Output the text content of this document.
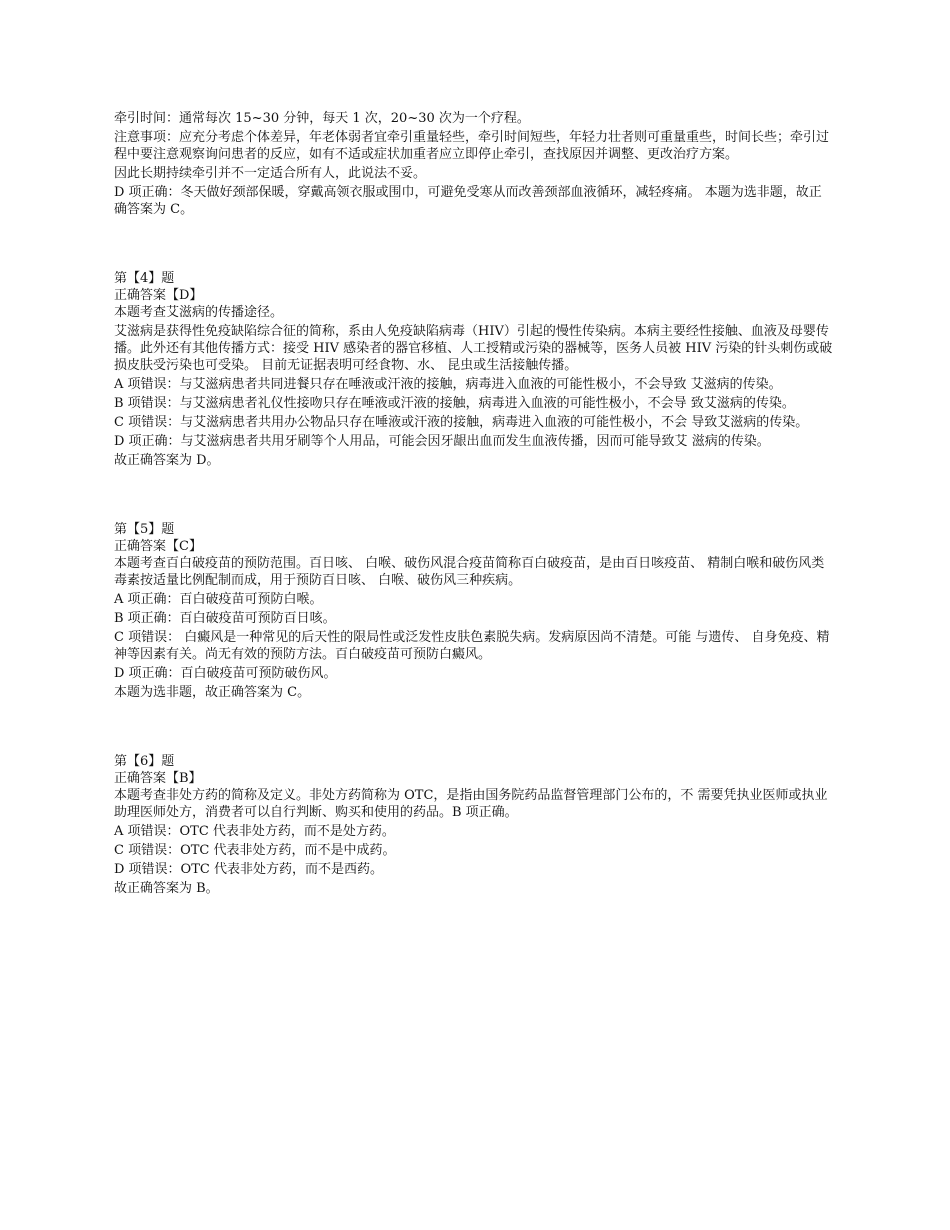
牵引时间：通常每次 15~30 分钟，每天 1 次，20~30 次为一个疗程。

注意事项：应充分考虑个体差异，年老体弱者宜牵引重量轻些，牵引时间短些，年轻力壮者则可重量重些，时间长些；牵引过程中要注意观察询问患者的反应，如有不适或症状加重者应立即停止牵引，查找原因并调整、更改治疗方案。

因此长期持续牵引并不一定适合所有人，此说法不妥。

D 项正确：冬天做好颈部保暖，穿戴高领衣服或围巾，可避免受寒从而改善颈部血液循环，减轻疼痛。 本题为选非题，故正确答案为 C。

第【4】题

正确答案【D】

本题考查艾滋病的传播途径。

艾滋病是获得性免疫缺陷综合征的简称，系由人免疫缺陷病毒（HIV）引起的慢性传染病。本病主要经性接触、血液及母婴传播。此外还有其他传播方式：接受 HIV 感染者的器官移植、人工授精或污染的器械等，医务人员被 HIV 污染的针头刺伤或破损皮肤受污染也可受染。 目前无证据表明可经食物、水、 昆虫或生活接触传播。

A 项错误：与艾滋病患者共同进餐只存在唾液或汗液的接触，病毒进入血液的可能性极小，不会导致 艾滋病的传染。

B 项错误：与艾滋病患者礼仪性接吻只存在唾液或汗液的接触，病毒进入血液的可能性极小，不会导 致艾滋病的传染。

C 项错误：与艾滋病患者共用办公物品只存在唾液或汗液的接触，病毒进入血液的可能性极小，不会 导致艾滋病的传染。

D 项正确：与艾滋病患者共用牙刷等个人用品，可能会因牙龈出血而发生血液传播，因而可能导致艾 滋病的传染。

故正确答案为 D。

第【5】题

正确答案【C】

本题考查百白破疫苗的预防范围。百日咳、 白喉、破伤风混合疫苗简称百白破疫苗，是由百日咳疫苗、 精制白喉和破伤风类毒素按适量比例配制而成，用于预防百日咳、 白喉、破伤风三种疾病。

A 项正确：百白破疫苗可预防白喉。

B 项正确：百白破疫苗可预防百日咳。

C 项错误： 白癜风是一种常见的后天性的限局性或泛发性皮肤色素脱失病。发病原因尚不清楚。可能 与遗传、 自身免疫、精神等因素有关。尚无有效的预防方法。百白破疫苗可预防白癜风。

D 项正确：百白破疫苗可预防破伤风。

本题为选非题，故正确答案为 C。

第【6】题

正确答案【B】

本题考查非处方药的简称及定义。非处方药简称为 OTC，是指由国务院药品监督管理部门公布的，不 需要凭执业医师或执业助理医师处方，消费者可以自行判断、购买和使用的药品。B 项正确。

A 项错误：OTC 代表非处方药，而不是处方药。

C 项错误：OTC 代表非处方药，而不是中成药。

D 项错误：OTC 代表非处方药，而不是西药。

故正确答案为 B。
